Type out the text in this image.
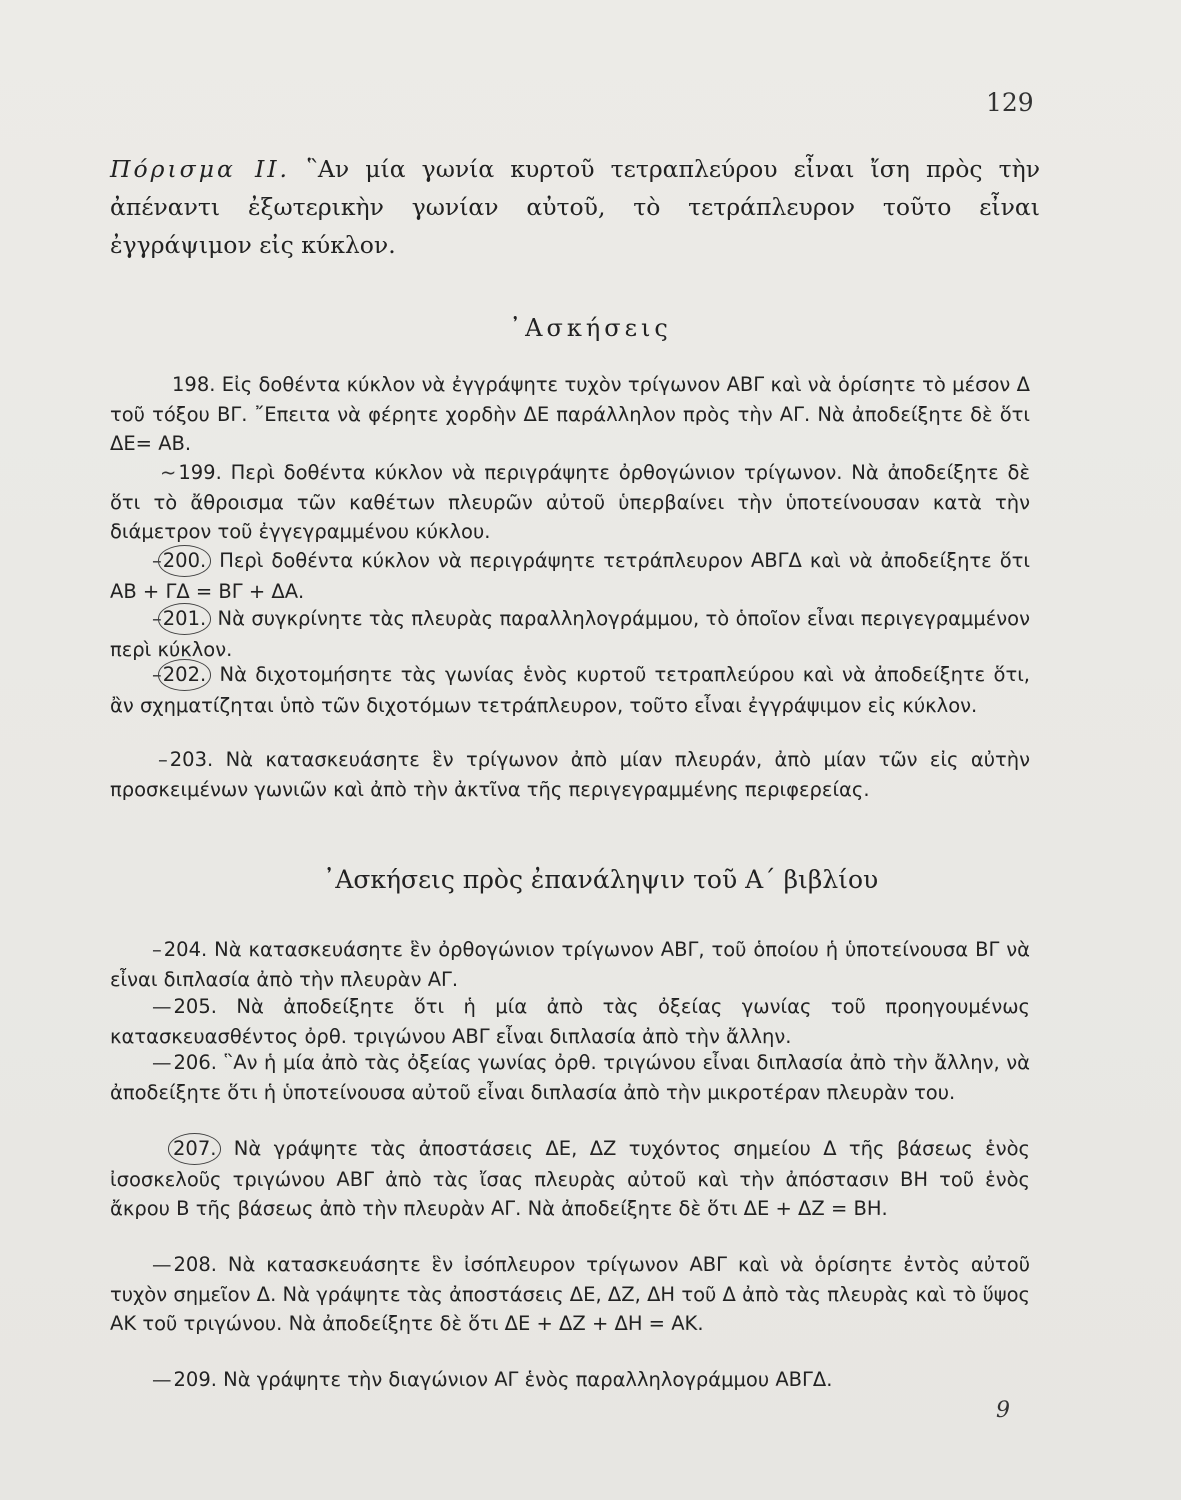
129
Πόρισμα II. ῝Αν μία γωνία κυρτοῦ τετραπλεύρου εἶναι ἴση πρὸς τὴν ἀπέναντι ἐξωτερικὴν γωνίαν αὐτοῦ, τὸ τετράπλευρον τοῦτο εἶναι ἐγγράψιμον εἰς κύκλον.
᾿Ασκήσεις
198. Εἰς δοθέντα κύκλον νὰ ἐγγράψητε τυχὸν τρίγωνον ΑΒΓ καὶ νὰ ὁρίσητε τὸ μέσον Δ τοῦ τόξου ΒΓ. ῎Επειτα νὰ φέρητε χορδὴν ΔΕ παράλληλον πρὸς τὴν ΑΓ. Νὰ ἀποδείξητε δὲ ὅτι ΔΕ= ΑΒ.
~ 199. Περὶ δοθέντα κύκλον νὰ περιγράψητε ὀρθογώνιον τρίγωνον. Νὰ ἀποδείξητε δὲ ὅτι τὸ ἄθροισμα τῶν καθέτων πλευρῶν αὐτοῦ ὑπερβαίνει τὴν ὑποτείνουσαν κατὰ τὴν διάμετρον τοῦ ἐγγεγραμμένου κύκλου.
–200. Περὶ δοθέντα κύκλον νὰ περιγράψητε τετράπλευρον ΑΒΓΔ καὶ νὰ ἀποδείξητε ὅτι ΑΒ + ΓΔ = ΒΓ + ΔΑ.
–201. Νὰ συγκρίνητε τὰς πλευρὰς παραλληλογράμμου, τὸ ὁποῖον εἶναι περιγεγραμμένον περὶ κύκλον.
–202. Νὰ διχοτομήσητε τὰς γωνίας ἑνὸς κυρτοῦ τετραπλεύρου καὶ νὰ ἀποδείξητε ὅτι, ἂν σχηματίζηται ὑπὸ τῶν διχοτόμων τετράπλευρον, τοῦτο εἶναι ἐγγράψιμον εἰς κύκλον.
– 203. Νὰ κατασκευάσητε ἓν τρίγωνον ἀπὸ μίαν πλευράν, ἀπὸ μίαν τῶν εἰς αὐτὴν προσκειμένων γωνιῶν καὶ ἀπὸ τὴν ἀκτῖνα τῆς περιγεγραμμένης περιφερείας.
᾿Ασκήσεις πρὸς ἐπανάληψιν τοῦ Α΄ βιβλίου
– 204. Νὰ κατασκευάσητε ἓν ὀρθογώνιον τρίγωνον ΑΒΓ, τοῦ ὁποίου ἡ ὑποτείνουσα ΒΓ νὰ εἶναι διπλασία ἀπὸ τὴν πλευρὰν ΑΓ.
— 205. Νὰ ἀποδείξητε ὅτι ἡ μία ἀπὸ τὰς ὀξείας γωνίας τοῦ προηγουμένως κατασκευασθέντος ὀρθ. τριγώνου ΑΒΓ εἶναι διπλασία ἀπὸ τὴν ἄλλην.
— 206. ῝Αν ἡ μία ἀπὸ τὰς ὀξείας γωνίας ὀρθ. τριγώνου εἶναι διπλασία ἀπὸ τὴν ἄλλην, νὰ ἀποδείξητε ὅτι ἡ ὑποτείνουσα αὐτοῦ εἶναι διπλασία ἀπὸ τὴν μικροτέραν πλευρὰν του.
207. Νὰ γράψητε τὰς ἀποστάσεις ΔΕ, ΔΖ τυχόντος σημείου Δ τῆς βάσεως ἑνὸς ἰσοσκελοῦς τριγώνου ΑΒΓ ἀπὸ τὰς ἴσας πλευρὰς αὐτοῦ καὶ τὴν ἀπόστασιν ΒΗ τοῦ ἑνὸς ἄκρου Β τῆς βάσεως ἀπὸ τὴν πλευρὰν ΑΓ. Νὰ ἀποδείξητε δὲ ὅτι ΔΕ + ΔΖ = ΒΗ.
— 208. Νὰ κατασκευάσητε ἓν ἰσόπλευρον τρίγωνον ΑΒΓ καὶ νὰ ὁρίσητε ἐντὸς αὐτοῦ τυχὸν σημεῖον Δ. Νὰ γράψητε τὰς ἀποστάσεις ΔΕ, ΔΖ, ΔΗ τοῦ Δ ἀπὸ τὰς πλευρὰς καὶ τὸ ὕψος ΑΚ τοῦ τριγώνου. Νὰ ἀποδείξητε δὲ ὅτι ΔΕ + ΔΖ + ΔΗ = ΑΚ.
— 209. Νὰ γράψητε τὴν διαγώνιον ΑΓ ἑνὸς παραλληλογράμμου ΑΒΓΔ.
9
